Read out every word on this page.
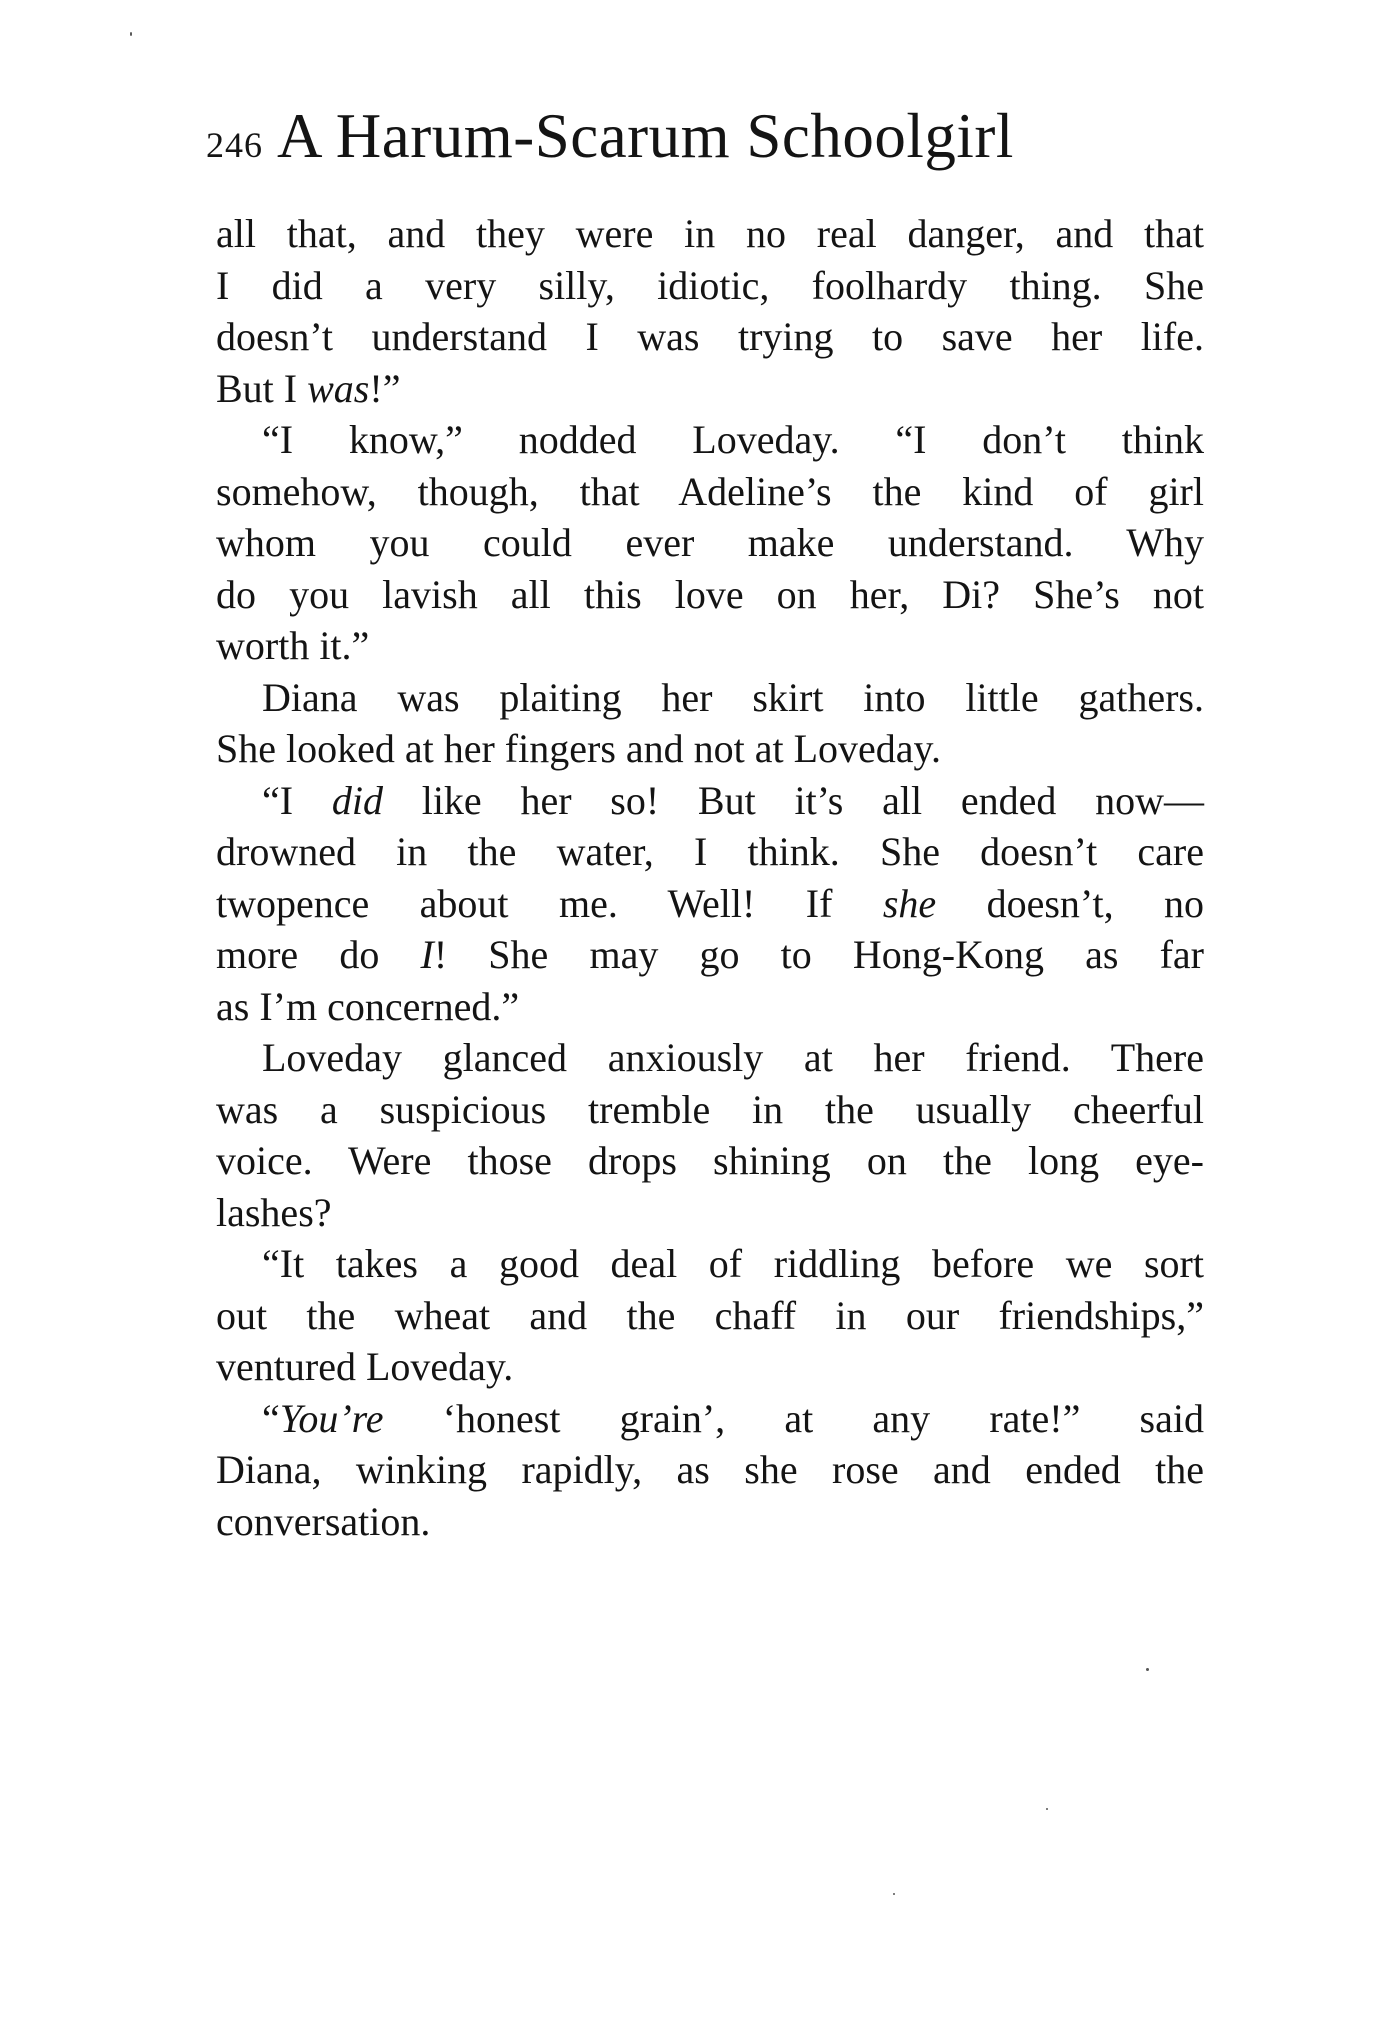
246 A Harum-Scarum Schoolgirl
all that, and they were in no real danger, and that
I did a very silly, idiotic, foolhardy thing. She
doesn’t understand I was trying to save her life.
But I was!”
“I know,” nodded Loveday. “I don’t think
somehow, though, that Adeline’s the kind of girl
whom you could ever make understand. Why
do you lavish all this love on her, Di? She’s not
worth it.”
Diana was plaiting her skirt into little gathers.
She looked at her fingers and not at Loveday.
“I did like her so! But it’s all ended now—
drowned in the water, I think. She doesn’t care
twopence about me. Well! If she doesn’t, no
more do I! She may go to Hong-Kong as far
as I’m concerned.”
Loveday glanced anxiously at her friend. There
was a suspicious tremble in the usually cheerful
voice. Were those drops shining on the long eye-
lashes?
“It takes a good deal of riddling before we sort
out the wheat and the chaff in our friendships,”
ventured Loveday.
“You’re ‘honest grain’, at any rate!” said
Diana, winking rapidly, as she rose and ended the
conversation.
